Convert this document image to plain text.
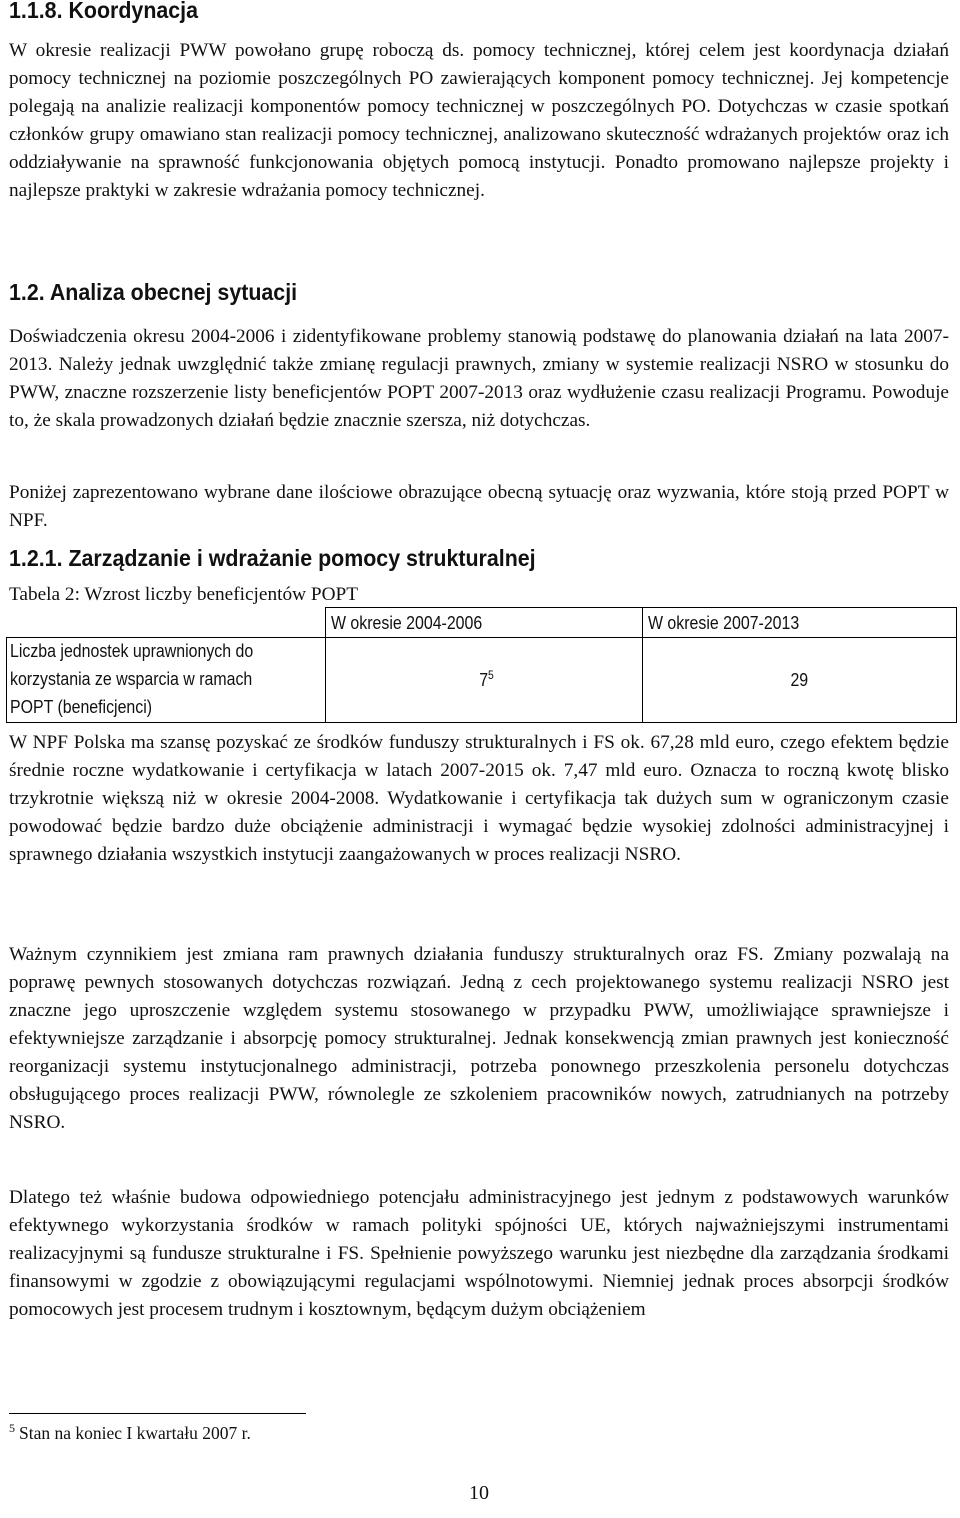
1.1.8. Koordynacja

W okresie realizacji PWW powołano grupę roboczą ds. pomocy technicznej, której celem jest koordynacja działań pomocy technicznej na poziomie poszczególnych PO zawierających komponent pomocy technicznej. Jej kompetencje polegają na analizie realizacji komponentów pomocy technicznej w poszczególnych PO. Dotychczas w czasie spotkań członków grupy omawiano stan realizacji pomocy technicznej, analizowano skuteczność wdrażanych projektów oraz ich oddziaływanie na sprawność funkcjonowania objętych pomocą instytucji. Ponadto promowano najlepsze projekty i najlepsze praktyki w zakresie wdrażania pomocy technicznej.

1.2. Analiza obecnej sytuacji

Doświadczenia okresu 2004-2006 i zidentyfikowane problemy stanowią podstawę do planowania działań na lata 2007-2013. Należy jednak uwzględnić także zmianę regulacji prawnych, zmiany w systemie realizacji NSRO w stosunku do PWW, znaczne rozszerzenie listy beneficjentów POPT 2007-2013 oraz wydłużenie czasu realizacji Programu. Powoduje to, że skala prowadzonych działań będzie znacznie szersza, niż dotychczas.

Poniżej zaprezentowano wybrane dane ilościowe obrazujące obecną sytuację oraz wyzwania, które stoją przed POPT w NPF.

1.2.1. Zarządzanie i wdrażanie pomocy strukturalnej

Tabela 2: Wzrost liczby beneficjentów POPT

	W okresie 2004-2006	W okresie 2007-2013
Liczba jednostek uprawnionych do
korzystania ze wsparcia w ramach
POPT (beneficjenci)	$7^5$	29

W NPF Polska ma szansę pozyskać ze środków funduszy strukturalnych i FS ok. 67,28 mld euro, czego efektem będzie średnie roczne wydatkowanie i certyfikacja w latach 2007-2015 ok. 7,47 mld euro. Oznacza to roczną kwotę blisko trzykrotnie większą niż w okresie 2004-2008. Wydatkowanie i certyfikacja tak dużych sum w ograniczonym czasie powodować będzie bardzo duże obciążenie administracji i wymagać będzie wysokiej zdolności administracyjnej i sprawnego działania wszystkich instytucji zaangażowanych w proces realizacji NSRO.

Ważnym czynnikiem jest zmiana ram prawnych działania funduszy strukturalnych oraz FS. Zmiany pozwalają na poprawę pewnych stosowanych dotychczas rozwiązań. Jedną z cech projektowanego systemu realizacji NSRO jest znaczne jego uproszczenie względem systemu stosowanego w przypadku PWW, umożliwiające sprawniejsze i efektywniejsze zarządzanie i absorpcję pomocy strukturalnej. Jednak konsekwencją zmian prawnych jest konieczność reorganizacji systemu instytucjonalnego administracji, potrzeba ponownego przeszkolenia personelu dotychczas obsługującego proces realizacji PWW, równolegle ze szkoleniem pracowników nowych, zatrudnianych na potrzeby NSRO.

Dlatego też właśnie budowa odpowiedniego potencjału administracyjnego jest jednym z podstawowych warunków efektywnego wykorzystania środków w ramach polityki spójności UE, których najważniejszymi instrumentami realizacyjnymi są fundusze strukturalne i FS. Spełnienie powyższego warunku jest niezbędne dla zarządzania środkami finansowymi w zgodzie z obowiązującymi regulacjami wspólnotowymi. Niemniej jednak proces absorpcji środków pomocowych jest procesem trudnym i kosztownym, będącym dużym obciążeniem

$^5$ Stan na koniec I kwartału 2007 r.
10
